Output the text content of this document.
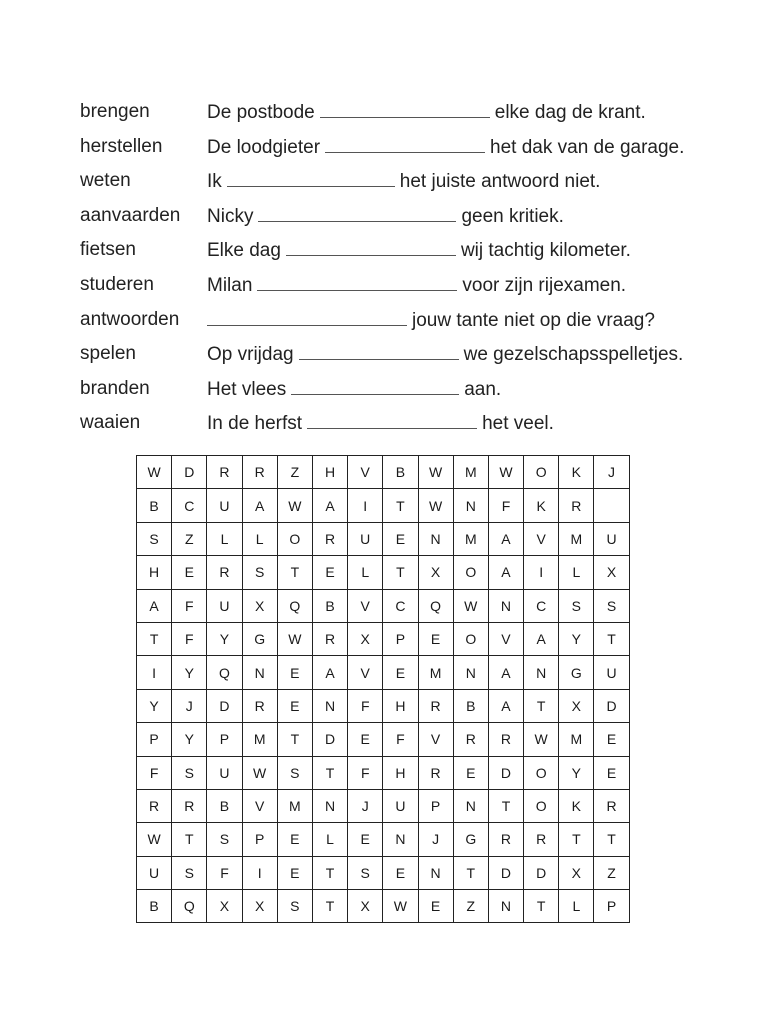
brengen	De postbode	elke dag de krant.
herstellen De loodgieter	het dak van de garage.
weten	Ik	het juiste antwoord niet.
aanvaarden Nicky	geen kritiek.
fietsen	Elke dag	wij tachtig kilometer.
studeren	Milan	voor zijn rijexamen.
antwoorden	jouw tante niet op die vraag?
spelen	Op vrijdag	we gezelschapsspelletjes.
branden	Het vlees	aan.
waaien	In de herfst	het veel.
W	D	R	R	Z	H	V	B	W	M	W	O	K	J
B	C	U	A	W	A	I	T	W	N	F	K	R	
S	Z	L	L	O	R	U	E	N	M	A	V	M	U
H	E	R	S	T	E	L	T	X	O	A	I	L	X
A	F	U	X	Q	B	V	C	Q	W	N	C	S	S
T	F	Y	G	W	R	X	P	E	O	V	A	Y	T
I	Y	Q	N	E	A	V	E	M	N	A	N	G	U
Y	J	D	R	E	N	F	H	R	B	A	T	X	D
P	Y	P	M	T	D	E	F	V	R	R	W	M	E
F	S	U	W	S	T	F	H	R	E	D	O	Y	E
R	R	B	V	M	N	J	U	P	N	T	O	K	R
W	T	S	P	E	L	E	N	J	G	R	R	T	T
U	S	F	I	E	T	S	E	N	T	D	D	X	Z
B	Q	X	X	S	T	X	W	E	Z	N	T	L	P
